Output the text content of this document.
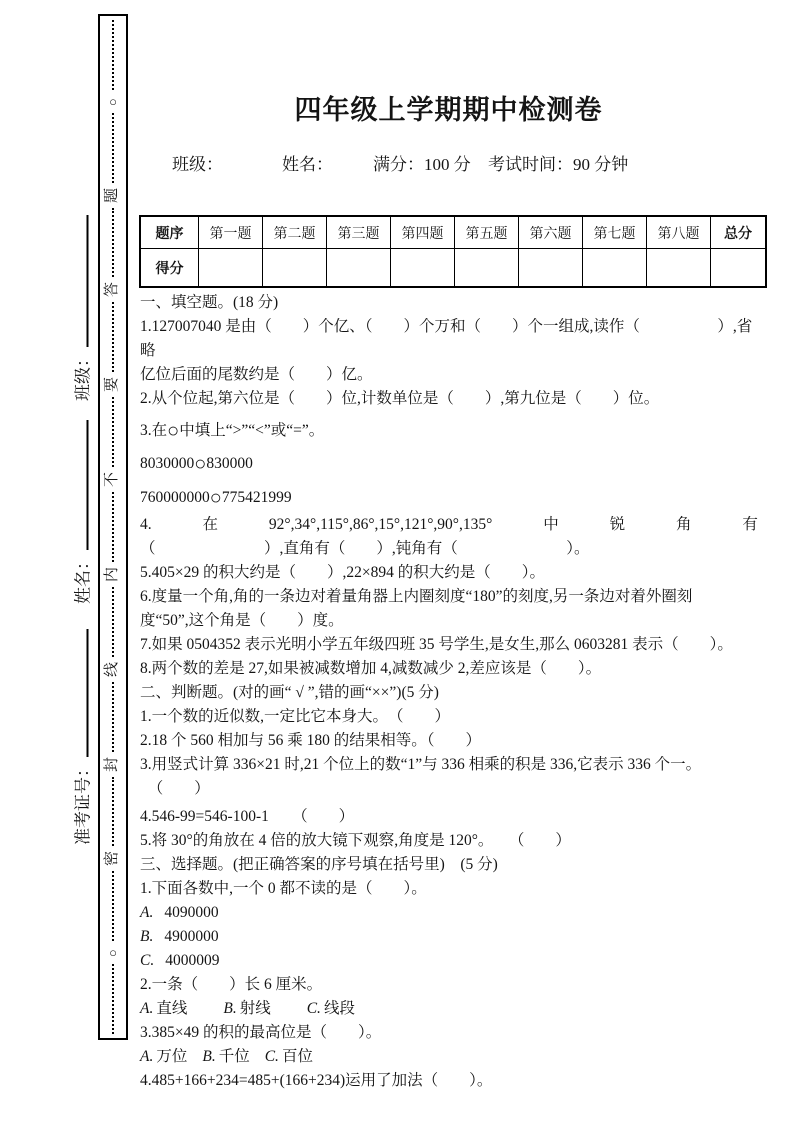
○
题
答
要
不
内
线
封
密
○
班级：
姓名：
准考证号：
四年级上学期期中检测卷
班级：	姓名： 满分：100 分 考试时间：90 分钟
题序	第一题	第二题	第三题	第四题	第五题	第六题	第七题	第八题	总分
得分									
一、填空题。(18 分)
1.127007040 是由（　　）个亿、（　　）个万和（　　）个一组成,读作（　　　　　）,省略
亿位后面的尾数约是（　　）亿。
2.从个位起,第六位是（　　）位,计数单位是（　　）,第九位是（　　）位。
3.在○中填上“>”“<”或“=”。
8030000○830000
760000000○775421999
4.	在	92°,34°,115°,86°,15°,121°,90°,135°	中	锐	角	有
（　　　　　　　）,直角有（　　）,钝角有（　　　　　　　）。
5.405×29 的积大约是（　　）,22×894 的积大约是（　　）。
6.度量一个角,角的一条边对着量角器上内圈刻度“180”的刻度,另一条边对着外圈刻
度“50”,这个角是（　　）度。
7.如果 0504352 表示光明小学五年级四班 35 号学生,是女生,那么 0603281 表示（　　）。
8.两个数的差是 27,如果被减数增加 4,减数减少 2,差应该是（　　）。
二、判断题。(对的画“ √ ”,错的画“××”)(5 分)
1.一个数的近似数,一定比它本身大。　（　　）
2.18 个 560 相加与 56 乘 180 的结果相等。（　　）
3.用竖式计算 336×21 时,21 个位上的数“1”与 336 相乘的积是 336,它表示 336 个一。
　（　　）
4.546-99=546-100-1　　（　　）
5.将 30°的角放在 4 倍的放大镜下观察,角度是 120°。　　（　　）
三、选择题。(把正确答案的序号填在括号里)　(5 分)
1.下面各数中,一个 0 都不读的是（　　）。
A. 4090000
B. 4900000
C. 4000009
2.一条（　　）长 6 厘米。
A. 直线 B. 射线 C. 线段
3.385×49 的积的最高位是（　　）。
A. 万位 B. 千位 C. 百位
4.485+166+234=485+(166+234)运用了加法（　　）。
